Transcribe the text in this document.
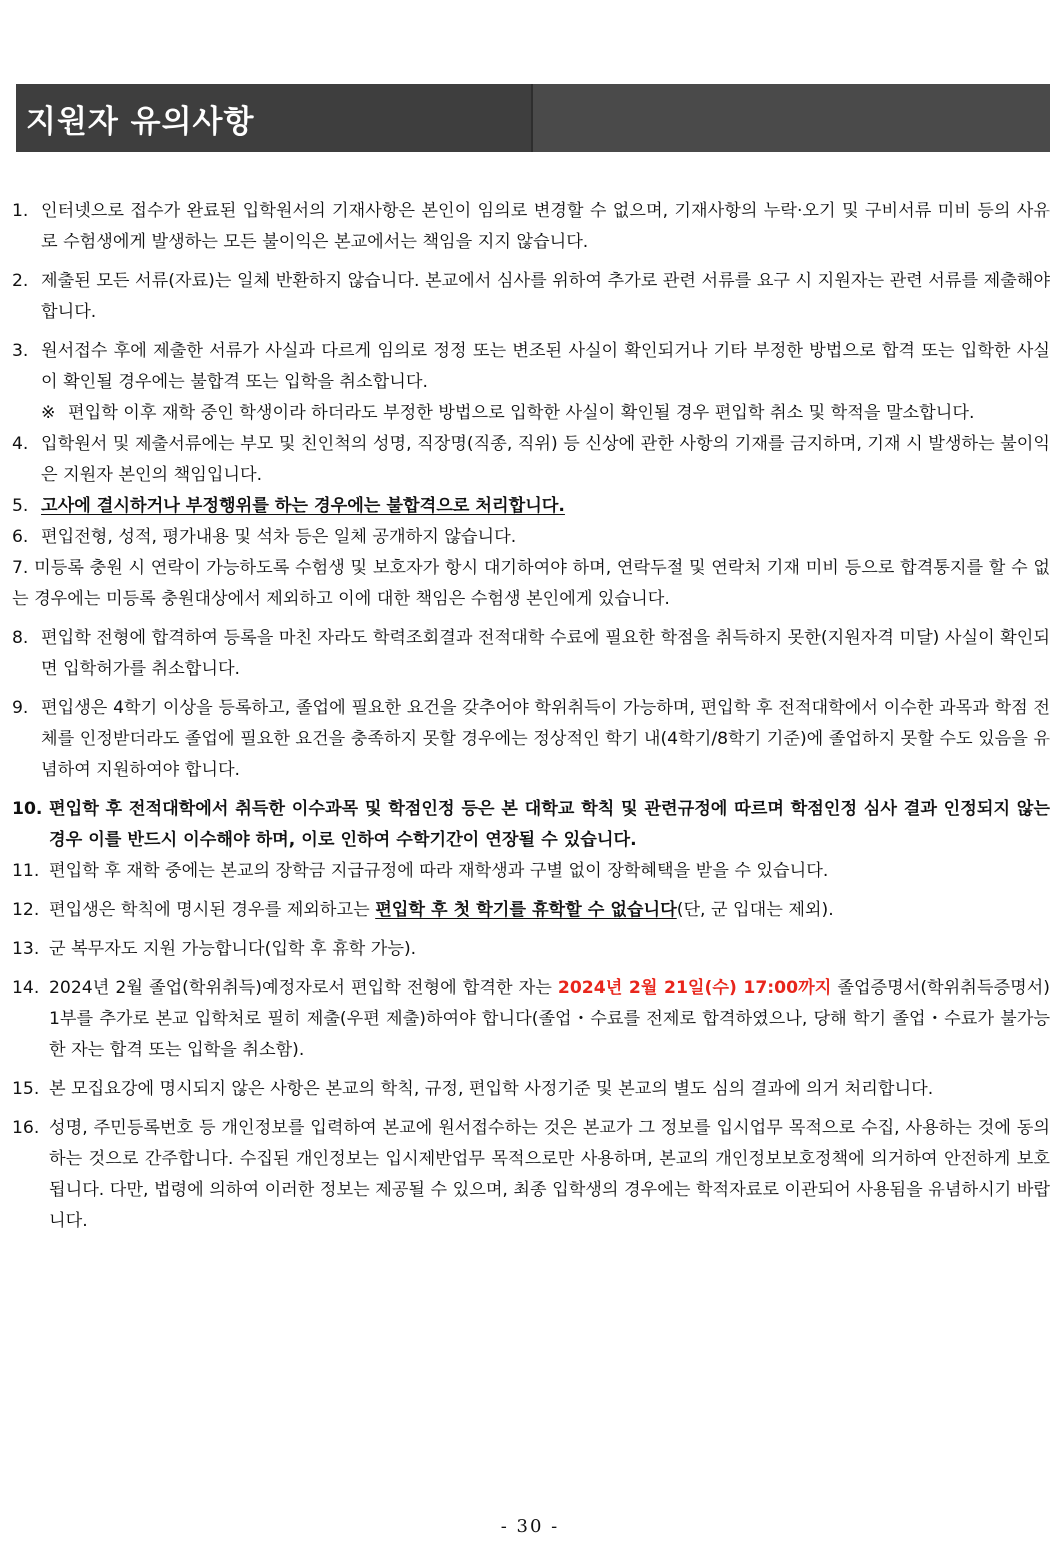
지원자 유의사항
1. 인터넷으로 접수가 완료된 입학원서의 기재사항은 본인이 임의로 변경할 수 없으며, 기재사항의 누락·오기 및 구비서류 미비 등의 사유로 수험생에게 발생하는 모든 불이익은 본교에서는 책임을 지지 않습니다.
2. 제출된 모든 서류(자료)는 일체 반환하지 않습니다. 본교에서 심사를 위하여 추가로 관련 서류를 요구 시 지원자는 관련 서류를 제출해야 합니다.
3. 원서접수 후에 제출한 서류가 사실과 다르게 임의로 정정 또는 변조된 사실이 확인되거나 기타 부정한 방법으로 합격 또는 입학한 사실이 확인될 경우에는 불합격 또는 입학을 취소합니다.
※ 편입학 이후 재학 중인 학생이라 하더라도 부정한 방법으로 입학한 사실이 확인될 경우 편입학 취소 및 학적을 말소합니다.
4. 입학원서 및 제출서류에는 부모 및 친인척의 성명, 직장명(직종, 직위) 등 신상에 관한 사항의 기재를 금지하며, 기재 시 발생하는 불이익은 지원자 본인의 책임입니다.
5. 고사에 결시하거나 부정행위를 하는 경우에는 불합격으로 처리합니다.
6. 편입전형, 성적, 평가내용 및 석차 등은 일체 공개하지 않습니다.
7. 미등록 충원 시 연락이 가능하도록 수험생 및 보호자가 항시 대기하여야 하며, 연락두절 및 연락처 기재 미비 등으로 합격통지를 할 수 없는 경우에는 미등록 충원대상에서 제외하고 이에 대한 책임은 수험생 본인에게 있습니다.
8. 편입학 전형에 합격하여 등록을 마친 자라도 학력조회결과 전적대학 수료에 필요한 학점을 취득하지 못한(지원자격 미달) 사실이 확인되면 입학허가를 취소합니다.
9. 편입생은 4학기 이상을 등록하고, 졸업에 필요한 요건을 갖추어야 학위취득이 가능하며, 편입학 후 전적대학에서 이수한 과목과 학점 전체를 인정받더라도 졸업에 필요한 요건을 충족하지 못할 경우에는 정상적인 학기 내(4학기/8학기 기준)에 졸업하지 못할 수도 있음을 유념하여 지원하여야 합니다.
10. 편입학 후 전적대학에서 취득한 이수과목 및 학점인정 등은 본 대학교 학칙 및 관련규정에 따르며 학점인정 심사 결과 인정되지 않는 경우 이를 반드시 이수해야 하며, 이로 인하여 수학기간이 연장될 수 있습니다.
11. 편입학 후 재학 중에는 본교의 장학금 지급규정에 따라 재학생과 구별 없이 장학혜택을 받을 수 있습니다.
12. 편입생은 학칙에 명시된 경우를 제외하고는 편입학 후 첫 학기를 휴학할 수 없습니다(단, 군 입대는 제외).
13. 군 복무자도 지원 가능합니다(입학 후 휴학 가능).
14. 2024년 2월 졸업(학위취득)예정자로서 편입학 전형에 합격한 자는 2024년 2월 21일(수) 17:00까지 졸업증명서(학위취득증명서) 1부를 추가로 본교 입학처로 필히 제출(우편 제출)하여야 합니다(졸업・수료를 전제로 합격하였으나, 당해 학기 졸업・수료가 불가능한 자는 합격 또는 입학을 취소함).
15. 본 모집요강에 명시되지 않은 사항은 본교의 학칙, 규정, 편입학 사정기준 및 본교의 별도 심의 결과에 의거 처리합니다.
16. 성명, 주민등록번호 등 개인정보를 입력하여 본교에 원서접수하는 것은 본교가 그 정보를 입시업무 목적으로 수집, 사용하는 것에 동의하는 것으로 간주합니다. 수집된 개인정보는 입시제반업무 목적으로만 사용하며, 본교의 개인정보보호정책에 의거하여 안전하게 보호됩니다. 다만, 법령에 의하여 이러한 정보는 제공될 수 있으며, 최종 입학생의 경우에는 학적자료로 이관되어 사용됨을 유념하시기 바랍니다.
- 30 -
